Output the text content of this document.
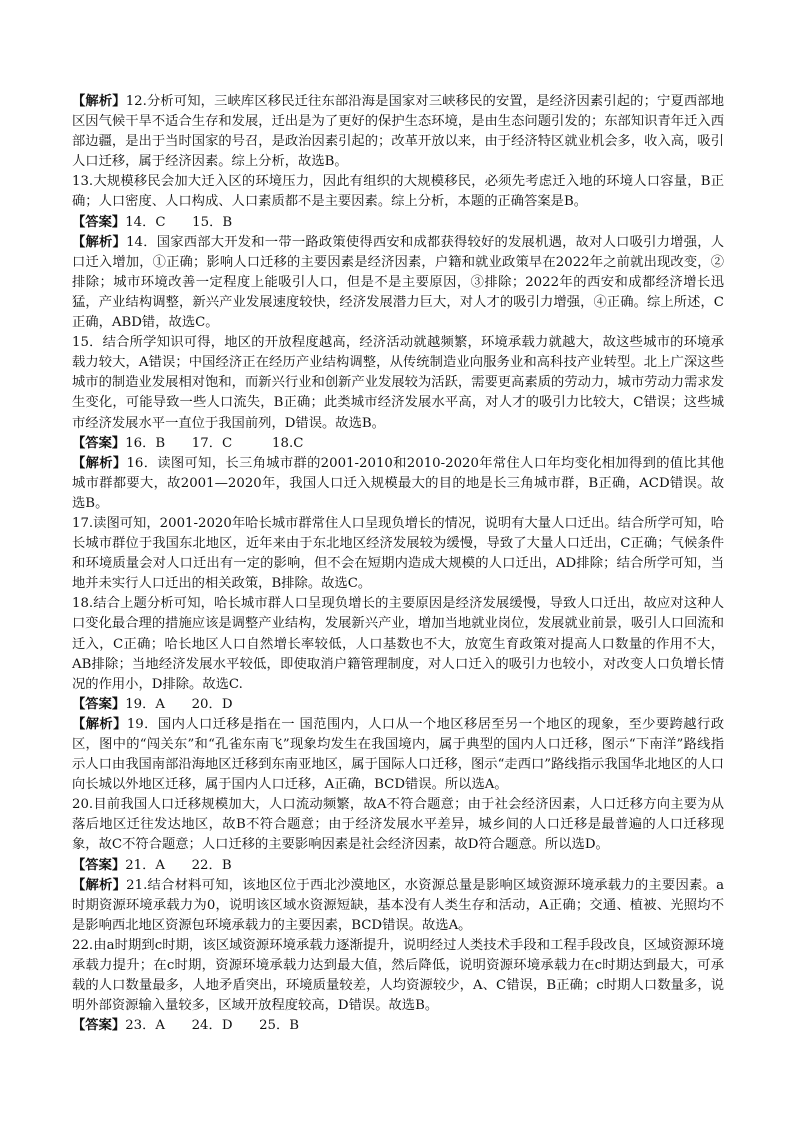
【解析】12.分析可知，三峡库区移民迁往东部沿海是国家对三峡移民的安置，是经济因素引起的；宁夏西部地区因气候干旱不适合生存和发展，迁出是为了更好的保护生态环境，是由生态问题引发的；东部知识青年迁入西部边疆，是出于当时国家的号召，是政治因素引起的；改革开放以来，由于经济特区就业机会多，收入高，吸引人口迁移，属于经济因素。综上分析，故选B。

13.大规模移民会加大迁入区的环境压力，因此有组织的大规模移民，必须先考虑迁入地的环境人口容量，B正确；人口密度、人口构成、人口素质都不是主要因素。综上分析，本题的正确答案是B。

【答案】14．C　　15．B

【解析】14．国家西部大开发和一带一路政策使得西安和成都获得较好的发展机遇，故对人口吸引力增强，人口迁入增加，①正确；影响人口迁移的主要因素是经济因素，户籍和就业政策早在2022年之前就出现改变，②排除；城市环境改善一定程度上能吸引人口，但是不是主要原因，③排除；2022年的西安和成都经济增长迅猛，产业结构调整，新兴产业发展速度较快，经济发展潜力巨大，对人才的吸引力增强，④正确。综上所述，C正确，ABD错，故选C。

15．结合所学知识可得，地区的开放程度越高，经济活动就越频繁，环境承载力就越大，故这些城市的环境承载力较大，A错误；中国经济正在经历产业结构调整，从传统制造业向服务业和高科技产业转型。北上广深这些城市的制造业发展相对饱和，而新兴行业和创新产业发展较为活跃，需要更高素质的劳动力，城市劳动力需求发生变化，可能导致一些人口流失，B正确；此类城市经济发展水平高，对人才的吸引力比较大，C错误；这些城市经济发展水平一直位于我国前列，D错误。故选B。

【答案】16．B　　17．C　　　18.C

【解析】16．读图可知，长三角城市群的2001-2010和2010-2020年常住人口年均变化相加得到的值比其他城市群都要大，故2001—2020年，我国人口迁入规模最大的目的地是长三角城市群，B正确，ACD错误。故选B。

17.读图可知，2001-2020年哈长城市群常住人口呈现负增长的情况，说明有大量人口迁出。结合所学可知，哈长城市群位于我国东北地区，近年来由于东北地区经济发展较为缓慢，导致了大量人口迁出，C正确；气候条件和环境质量会对人口迁出有一定的影响，但不会在短期内造成大规模的人口迁出，AD排除；结合所学可知，当地并未实行人口迁出的相关政策，B排除。故选C。

18.结合上题分析可知，哈长城市群人口呈现负增长的主要原因是经济发展缓慢，导致人口迁出，故应对这种人口变化最合理的措施应该是调整产业结构，发展新兴产业，增加当地就业岗位，发展就业前景，吸引人口回流和迁入，C正确；哈长地区人口自然增长率较低，人口基数也不大，放宽生育政策对提高人口数量的作用不大，AB排除；当地经济发展水平较低，即使取消户籍管理制度，对人口迁入的吸引力也较小，对改变人口负增长情况的作用小，D排除。故选C.

【答案】19．A　　20．D

【解析】19．国内人口迁移是指在一 国范围内，人口从一个地区移居至另一个地区的现象，至少要跨越行政区，图中的“闯关东”和“孔雀东南飞”现象均发生在我国境内，属于典型的国内人口迁移，图示“下南洋”路线指示人口由我国南部沿海地区迁移到东南亚地区，属于国际人口迁移，图示“走西口”路线指示我国华北地区的人口向长城以外地区迁移，属于国内人口迁移，A正确，BCD错误。所以选A。

20.目前我国人口迁移规模加大，人口流动频繁，故A不符合题意；由于社会经济因素，人口迁移方向主要为从落后地区迁往发达地区，故B不符合题意；由于经济发展水平差异，城乡间的人口迁移是最普遍的人口迁移现象，故C不符合题意；人口迁移的主要影响因素是社会经济因素，故D符合题意。所以选D。

【答案】21．A　　22．B

【解析】21.结合材料可知，该地区位于西北沙漠地区，水资源总量是影响区域资源环境承载力的主要因素。a时期资源环境承载力为0，说明该区域水资源短缺，基本没有人类生存和活动，A正确；交通、植被、光照均不是影响西北地区资源包环境承载力的主要因素，BCD错误。故选A。

22.由a时期到c时期，该区域资源环境承载力逐渐提升，说明经过人类技术手段和工程手段改良，区域资源环境承载力提升；在c时期，资源环境承载力达到最大值，然后降低，说明资源环境承载力在c时期达到最大，可承载的人口数量最多，人地矛盾突出，环境质量较差，人均资源较少，A、C错误，B正确；c时期人口数量多，说明外部资源输入量较多，区域开放程度较高，D错误。故选B。

【答案】23．A　　24．D　　25．B
